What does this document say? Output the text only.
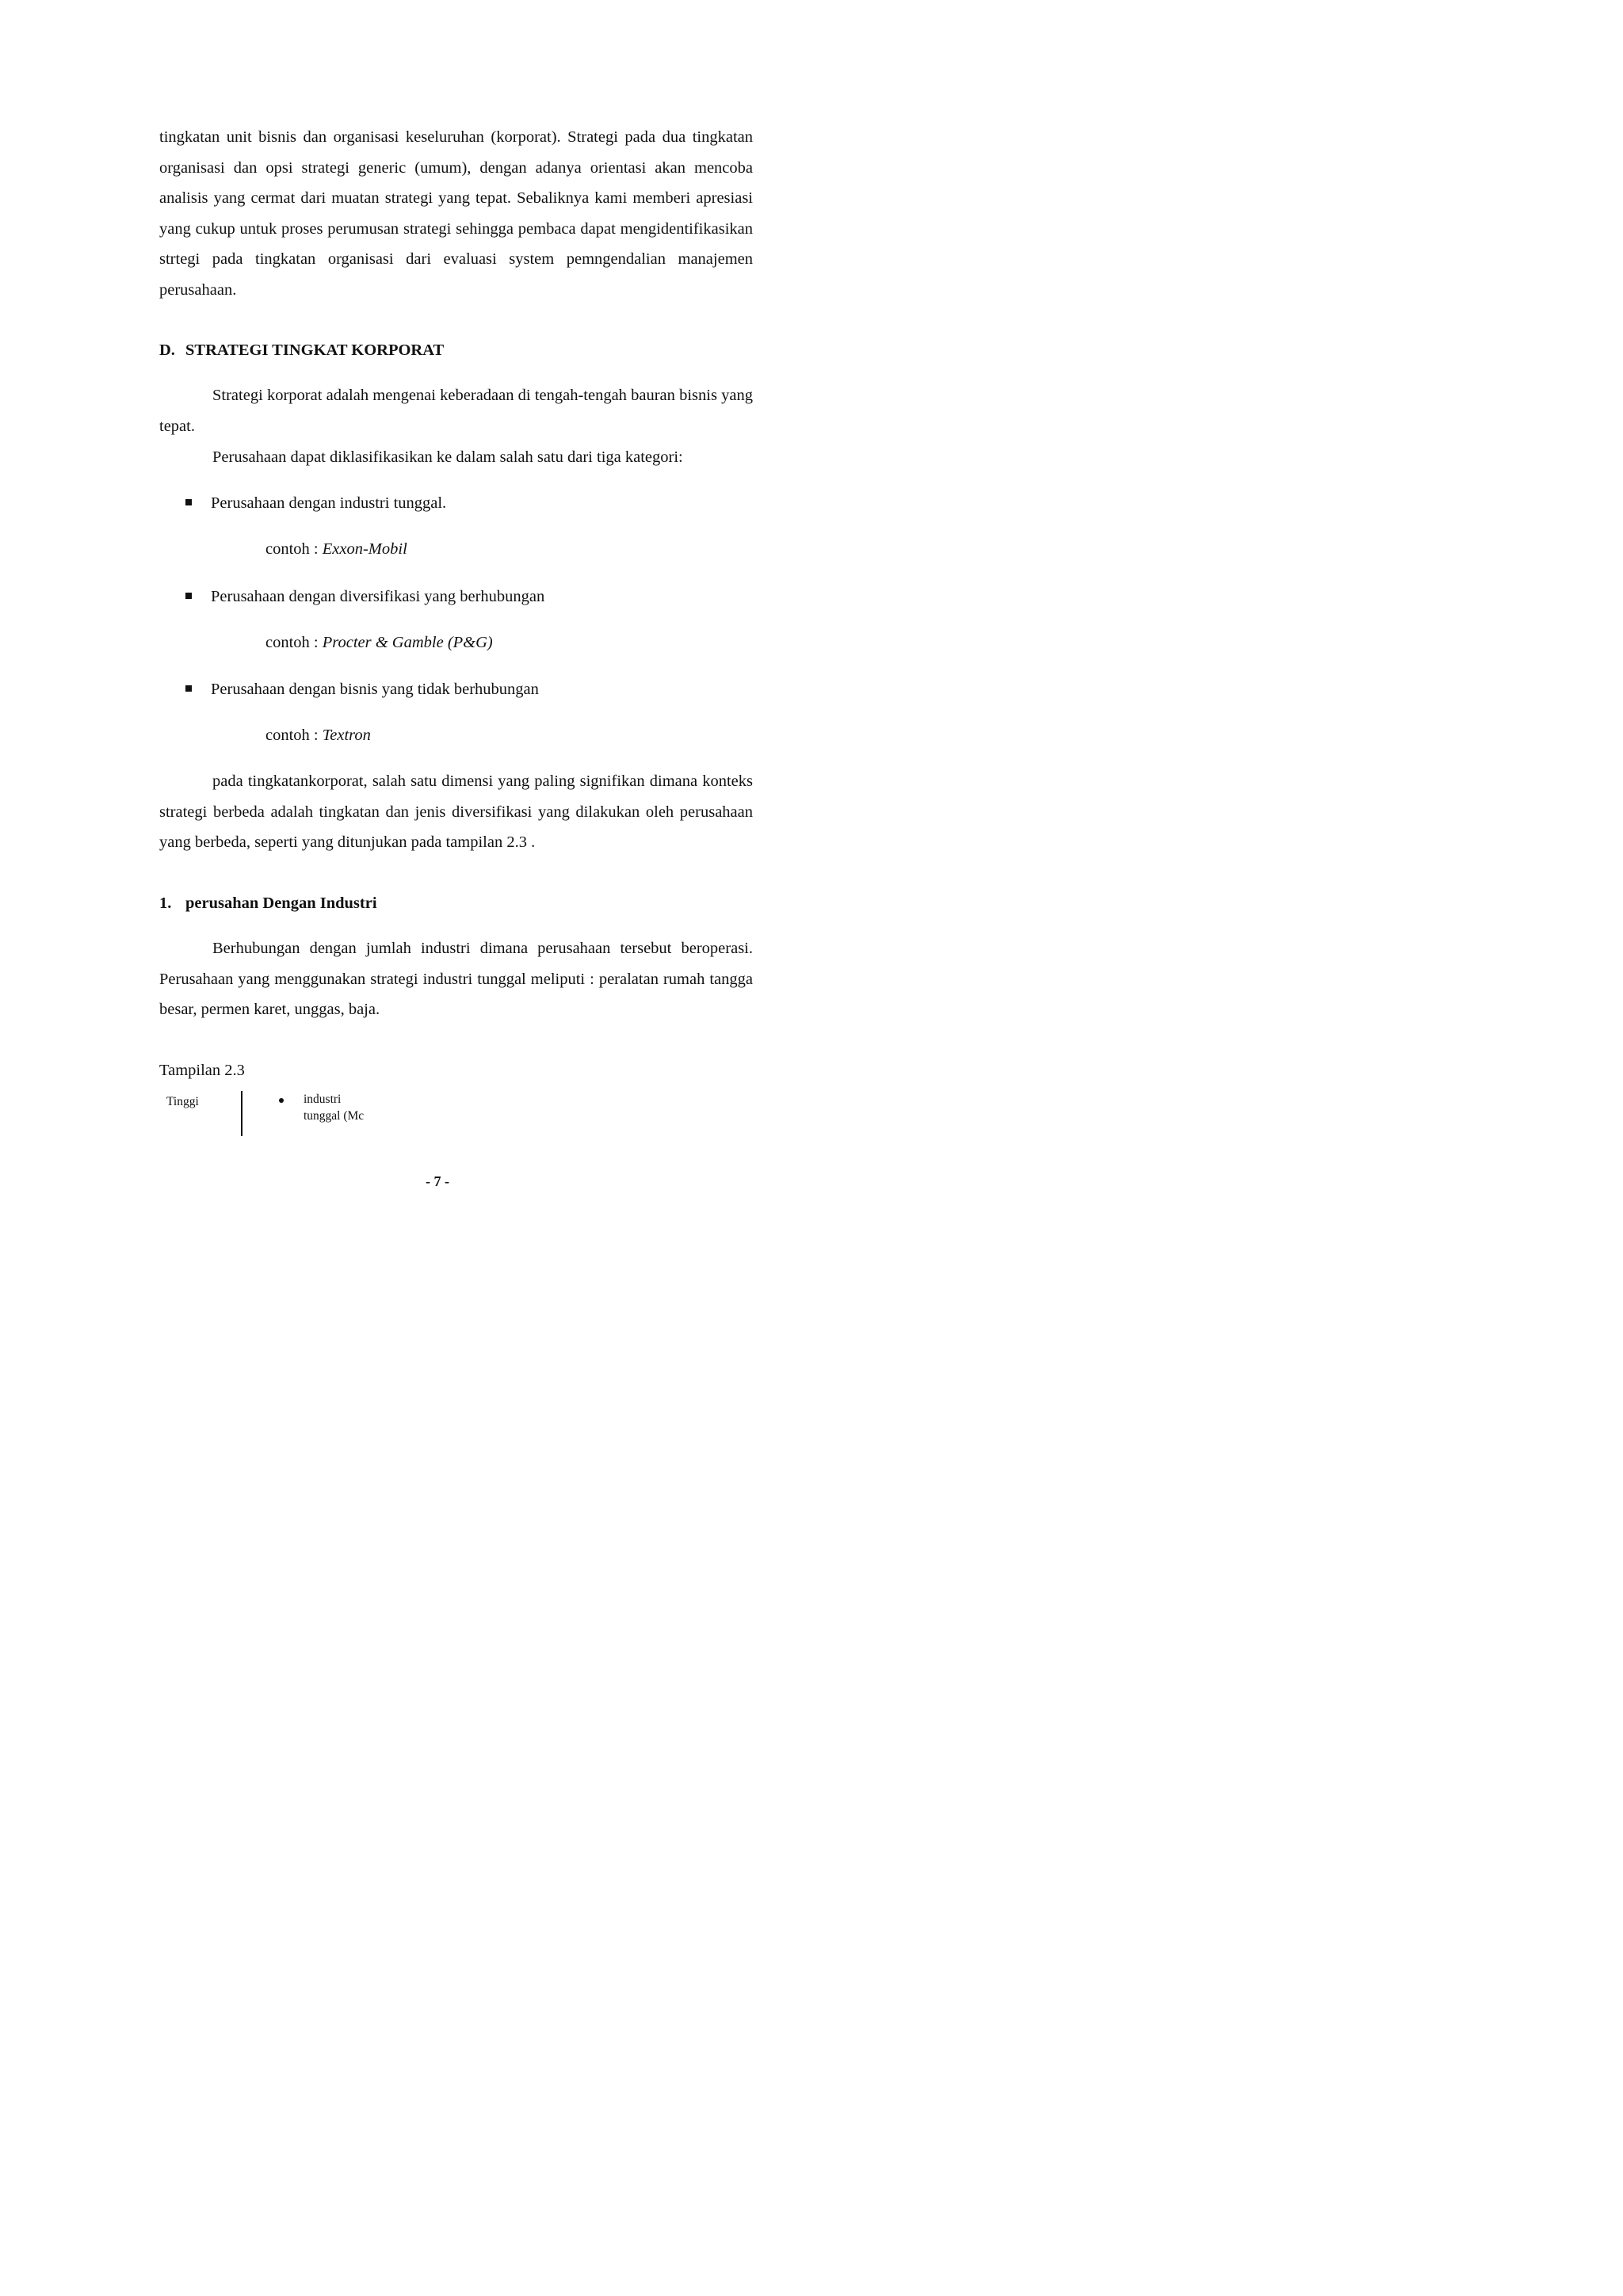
tingkatan unit bisnis dan organisasi keseluruhan (korporat). Strategi pada dua tingkatan organisasi dan opsi strategi generic (umum), dengan adanya orientasi akan mencoba analisis yang cermat dari muatan strategi yang tepat. Sebaliknya kami memberi apresiasi yang cukup untuk proses perumusan strategi sehingga pembaca dapat mengidentifikasikan strtegi pada tingkatan organisasi dari evaluasi system pemngendalian manajemen perusahaan.

D. STRATEGI TINGKAT KORPORAT

Strategi korporat adalah mengenai keberadaan di tengah-tengah bauran bisnis yang tepat.

Perusahaan dapat diklasifikasikan ke dalam salah satu dari tiga kategori:
Perusahaan dengan industri tunggal.
contoh : Exxon-Mobil
Perusahaan dengan diversifikasi yang berhubungan
contoh : Procter & Gamble (P&G)
Perusahaan dengan bisnis yang tidak berhubungan
contoh : Textron

pada tingkatankorporat, salah satu dimensi yang paling signifikan dimana konteks strategi berbeda adalah tingkatan dan jenis diversifikasi yang dilakukan oleh perusahaan yang berbeda, seperti yang ditunjukan pada tampilan 2.3 .

1. perusahan Dengan Industri

Berhubungan dengan jumlah industri dimana perusahaan tersebut beroperasi. Perusahaan yang menggunakan strategi industri tunggal meliputi : peralatan rumah tangga besar, permen karet, unggas, baja.

Tampilan 2.3
Tinggi	industri
tunggal (Mc
- 7 -
